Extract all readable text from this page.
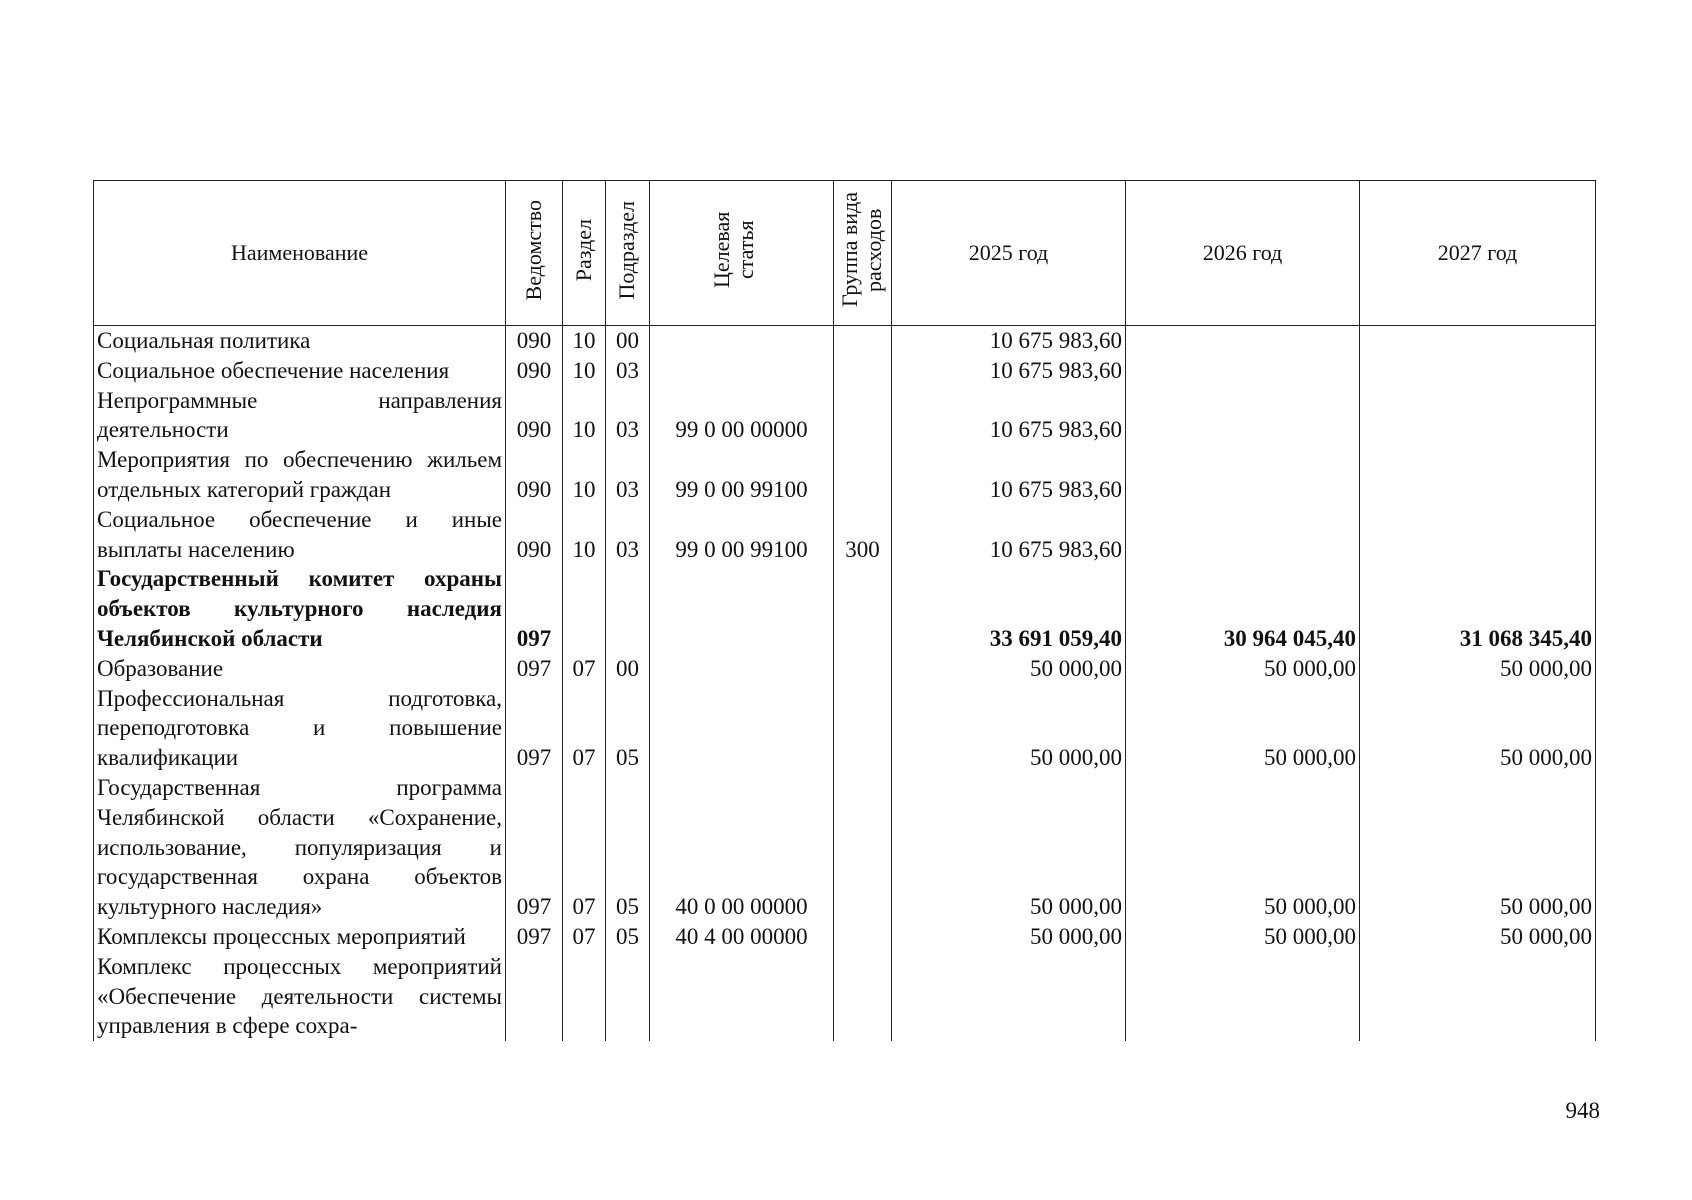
Наименование	Ведомство	Раздел	Подраздел	Целевая статья	Группа вида расходов	2025 год	2026 год	2027 год
Социальная политика	090	10	00			10 675 983,60		
Социальное обеспечение населения	090	10	03			10 675 983,60		
Непрограммные направления деятельности	090	10	03	99 0 00 00000		10 675 983,60		
Мероприятия по обеспечению жильем отдельных категорий граждан	090	10	03	99 0 00 99100		10 675 983,60		
Социальное обеспечение и иные выплаты населению	090	10	03	99 0 00 99100	300	10 675 983,60		
Государственный комитет охраны объектов культурного наследия Челябинской области	097					33 691 059,40	30 964 045,40	31 068 345,40
Образование	097	07	00			50 000,00	50 000,00	50 000,00
Профессиональная подготовка, переподготовка и повышение квалификации	097	07	05			50 000,00	50 000,00	50 000,00
Государственная программа Челябинской области «Сохранение, использование, популяризация и государственная охрана объектов культурного наследия»	097	07	05	40 0 00 00000		50 000,00	50 000,00	50 000,00
Комплексы процессных мероприятий	097	07	05	40 4 00 00000		50 000,00	50 000,00	50 000,00
Комплекс процессных мероприятий «Обеспечение деятельности системы управления в сфере сохра-								
948
